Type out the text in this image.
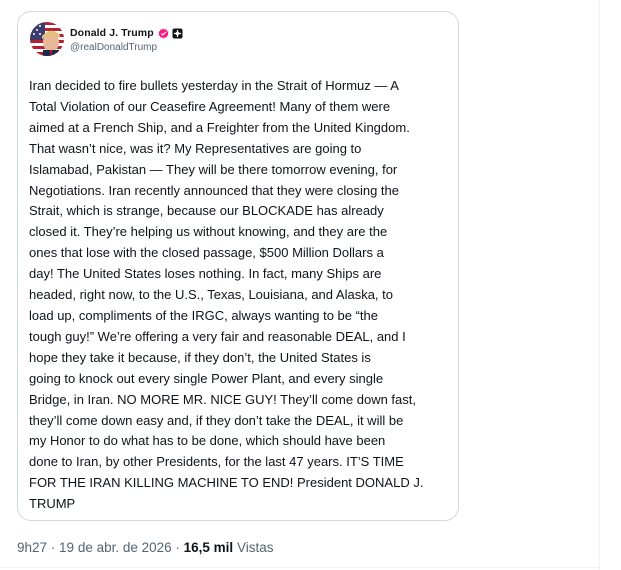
Donald J. Trump
@realDonaldTrump

Iran decided to fire bullets yesterday in the Strait of Hormuz — A
Total Violation of our Ceasefire Agreement! Many of them were
aimed at a French Ship, and a Freighter from the United Kingdom.
That wasn’t nice, was it? My Representatives are going to
Islamabad, Pakistan — They will be there tomorrow evening, for
Negotiations. Iran recently announced that they were closing the
Strait, which is strange, because our BLOCKADE has already
closed it. They’re helping us without knowing, and they are the
ones that lose with the closed passage, $500 Million Dollars a
day! The United States loses nothing. In fact, many Ships are
headed, right now, to the U.S., Texas, Louisiana, and Alaska, to
load up, compliments of the IRGC, always wanting to be “the
tough guy!” We’re offering a very fair and reasonable DEAL, and I
hope they take it because, if they don’t, the United States is
going to knock out every single Power Plant, and every single
Bridge, in Iran. NO MORE MR. NICE GUY! They’ll come down fast,
they’ll come down easy and, if they don’t take the DEAL, it will be
my Honor to do what has to be done, which should have been
done to Iran, by other Presidents, for the last 47 years. IT’S TIME
FOR THE IRAN KILLING MACHINE TO END! President DONALD J.
TRUMP

9h27 · 19 de abr. de 2026 · 16,5 mil Vistas
